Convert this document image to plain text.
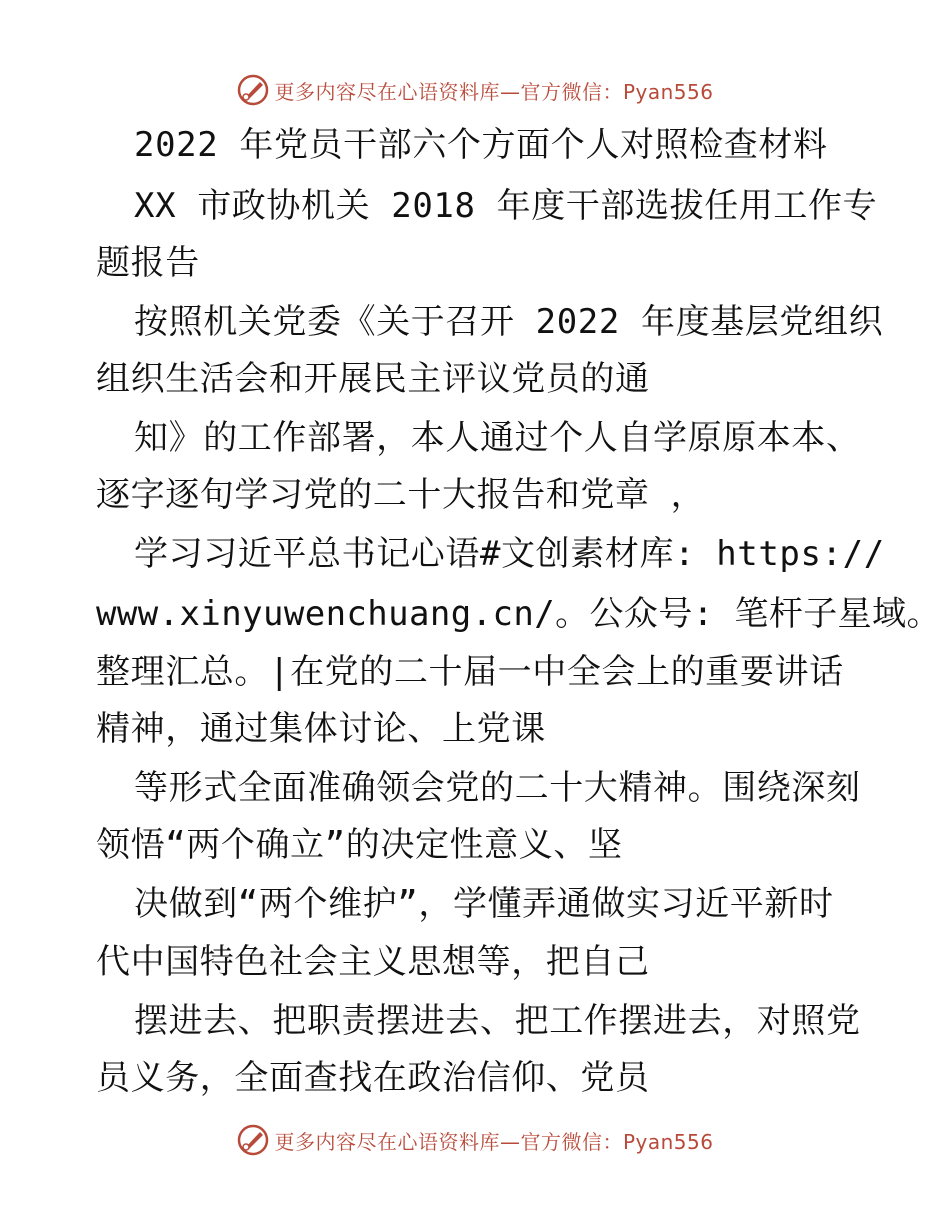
更多内容尽在心语资料库—官方微信：Pyan556
2022 年党员干部六个方面个人对照检查材料
XX 市政协机关 2018 年度干部选拔任用工作专
题报告
按照机关党委《关于召开 2022 年度基层党组织
组织生活会和开展民主评议党员的通
知》的工作部署，本人通过个人自学原原本本、
逐字逐句学习党的二十大报告和党章 ，
学习习近平总书记心语#文创素材库: https://
www.xinyuwenchuang.cn/。公众号: 笔杆子星域。
整理汇总。|在党的二十届一中全会上的重要讲话
精神，通过集体讨论、上党课
等形式全面准确领会党的二十大精神。围绕深刻
领悟“两个确立”的决定性意义、坚
决做到“两个维护”，学懂弄通做实习近平新时
代中国特色社会主义思想等，把自己
摆进去、把职责摆进去、把工作摆进去，对照党
员义务，全面查找在政治信仰、党员
更多内容尽在心语资料库—官方微信：Pyan556
